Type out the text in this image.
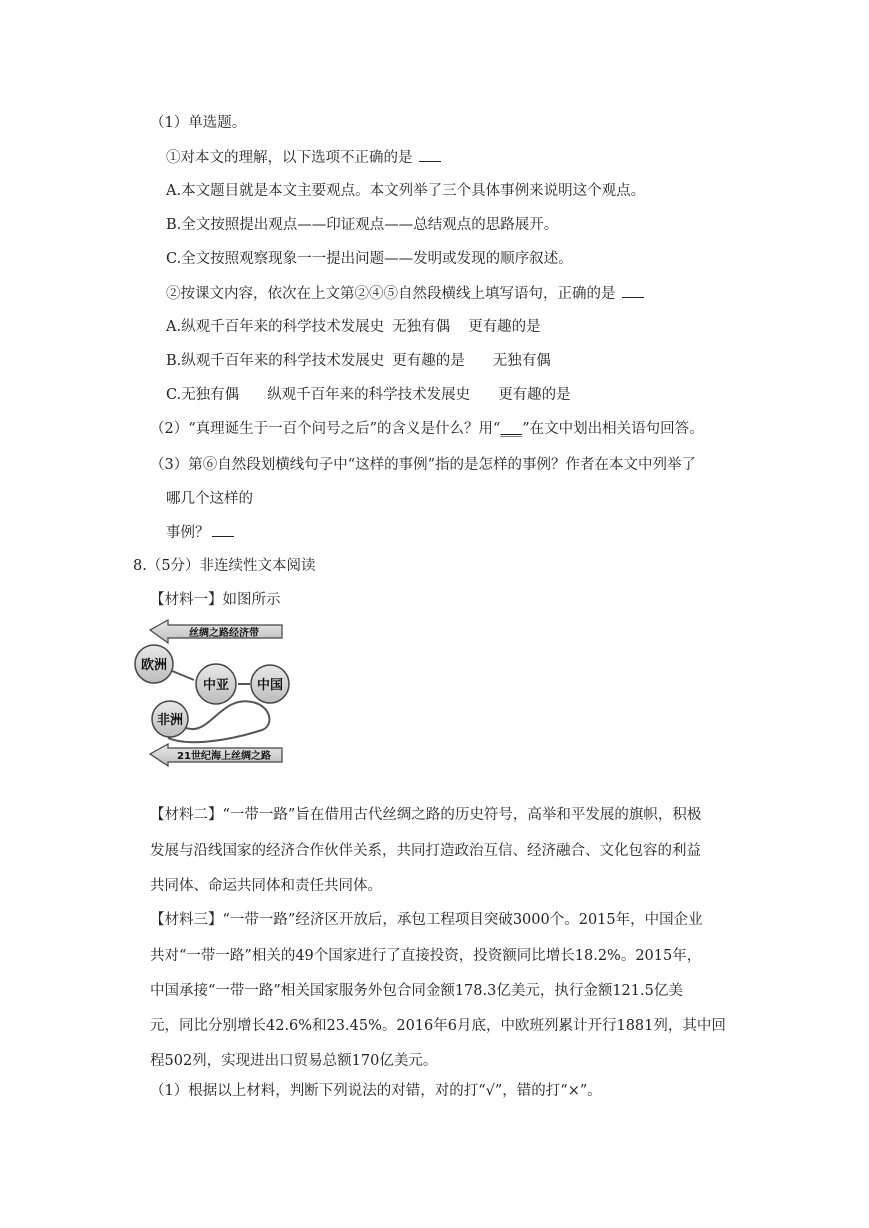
（1）单选题。
①对本文的理解，以下选项不正确的是
A.本文题目就是本文主要观点。本文列举了三个具体事例来说明这个观点。
B.全文按照提出观点——印证观点——总结观点的思路展开。
C.全文按照观察现象一一提出问题——发明或发现的顺序叙述。
②按课文内容，依次在上文第②④⑤自然段横线上填写语句，正确的是
A.纵观千百年来的科学技术发展史 无独有偶 更有趣的是
B.纵观千百年来的科学技术发展史 更有趣的是 无独有偶
C.无独有偶 纵观千百年来的科学技术发展史 更有趣的是
（2）“真理诞生于一百个问号之后”的含义是什么？用“___”在文中划出相关语句回答。
（3）第⑥自然段划横线句子中“这样的事例”指的是怎样的事例？作者在本文中列举了
哪几个这样的
事例？
8.（5分）非连续性文本阅读
【材料一】如图所示
丝绸之路经济带
欧洲
中亚 中国
非洲
21世纪海上丝绸之路
【材料二】“一带一路”旨在借用古代丝绸之路的历史符号，高举和平发展的旗帜，积极
发展与沿线国家的经济合作伙伴关系，共同打造政治互信、经济融合、文化包容的利益
共同体、命运共同体和责任共同体。
【材料三】“一带一路”经济区开放后，承包工程项目突破3000个。2015年，中国企业
共对“一带一路”相关的49个国家进行了直接投资，投资额同比增长18.2%。2015年，
中国承接“一带一路”相关国家服务外包合同金额178.3亿美元，执行金额121.5亿美
元，同比分别增长42.6%和23.45%。2016年6月底，中欧班列累计开行1881列，其中回
程502列，实现进出口贸易总额170亿美元。
（1）根据以上材料，判断下列说法的对错，对的打“√”，错的打“×”。
